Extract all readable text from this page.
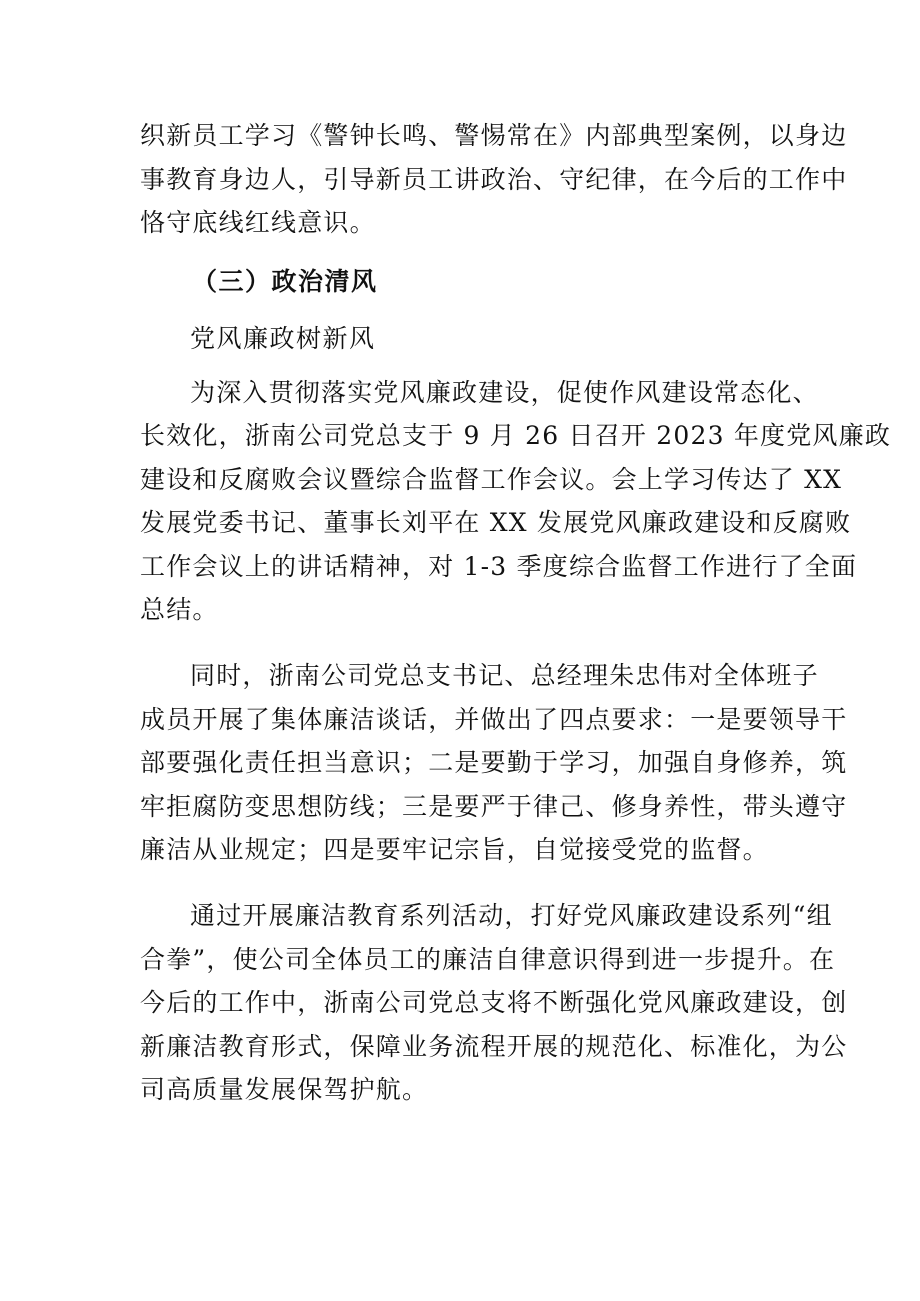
织新员工学习《警钟长鸣、警惕常在》内部典型案例，以身边
事教育身边人，引导新员工讲政治、守纪律，在今后的工作中
恪守底线红线意识。
（三）政治清风
党风廉政树新风
为深入贯彻落实党风廉政建设，促使作风建设常态化、
长效化，浙南公司党总支于 9 月 26 日召开 2023 年度党风廉政
建设和反腐败会议暨综合监督工作会议。会上学习传达了 XX
发展党委书记、董事长刘平在 XX 发展党风廉政建设和反腐败
工作会议上的讲话精神，对 1-3 季度综合监督工作进行了全面
总结。
同时，浙南公司党总支书记、总经理朱忠伟对全体班子
成员开展了集体廉洁谈话，并做出了四点要求：一是要领导干
部要强化责任担当意识；二是要勤于学习，加强自身修养，筑
牢拒腐防变思想防线；三是要严于律己、修身养性，带头遵守
廉洁从业规定；四是要牢记宗旨，自觉接受党的监督。
通过开展廉洁教育系列活动，打好党风廉政建设系列“组
合拳”，使公司全体员工的廉洁自律意识得到进一步提升。在
今后的工作中，浙南公司党总支将不断强化党风廉政建设，创
新廉洁教育形式，保障业务流程开展的规范化、标准化，为公
司高质量发展保驾护航。
